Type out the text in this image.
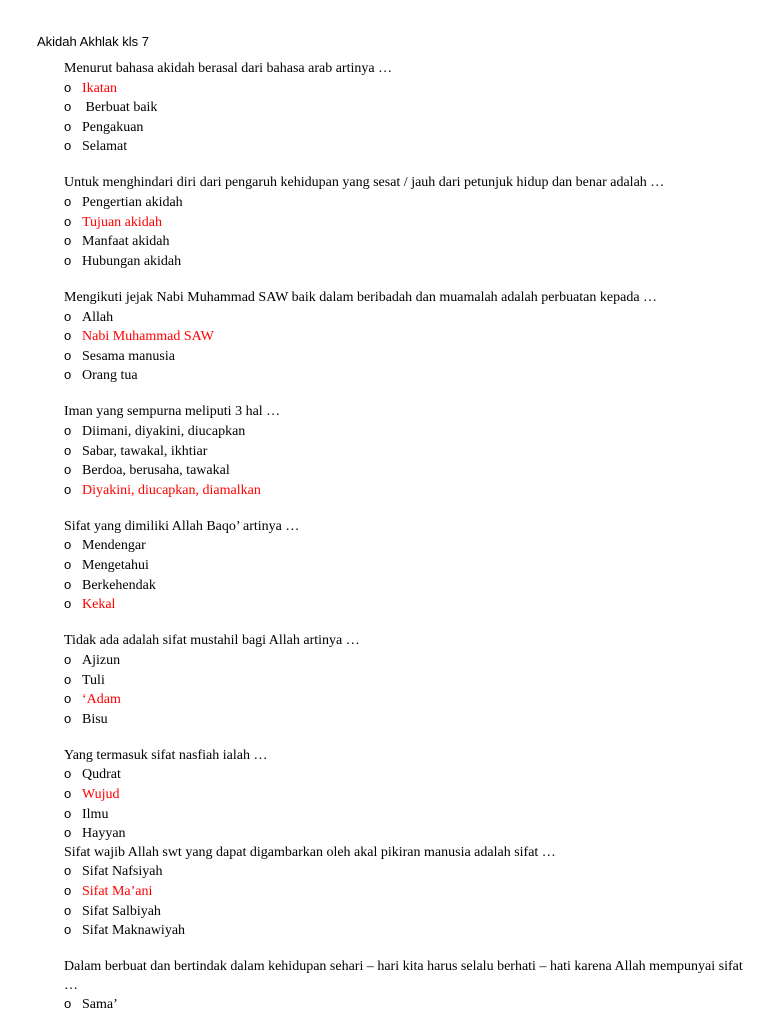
Akidah Akhlak kls 7
Menurut bahasa akidah berasal dari bahasa arab artinya …
o Ikatan
o Berbuat baik
o Pengakuan
o Selamat
Untuk menghindari diri dari pengaruh kehidupan yang sesat / jauh dari petunjuk hidup dan benar adalah …
o Pengertian akidah
o Tujuan akidah
o Manfaat akidah
o Hubungan akidah
Mengikuti jejak Nabi Muhammad SAW baik dalam beribadah dan muamalah adalah perbuatan kepada …
o Allah
o Nabi Muhammad SAW
o Sesama manusia
o Orang tua
Iman yang sempurna meliputi 3 hal …
o Diimani, diyakini, diucapkan
o Sabar, tawakal, ikhtiar
o Berdoa, berusaha, tawakal
o Diyakini, diucapkan, diamalkan
Sifat yang dimiliki Allah Baqo’ artinya …
o Mendengar
o Mengetahui
o Berkehendak
o Kekal
Tidak ada adalah sifat mustahil bagi Allah artinya …
o Ajizun
o Tuli
o ‘Adam
o Bisu
Yang termasuk sifat nasfiah ialah …
o Qudrat
o Wujud
o Ilmu
o Hayyan
Sifat wajib Allah swt yang dapat digambarkan oleh akal pikiran manusia adalah sifat …
o Sifat Nafsiyah
o Sifat Ma’ani
o Sifat Salbiyah
o Sifat Maknawiyah
Dalam berbuat dan bertindak dalam kehidupan sehari – hari kita harus selalu berhati – hati karena Allah mempunyai sifat …
o Sama’
